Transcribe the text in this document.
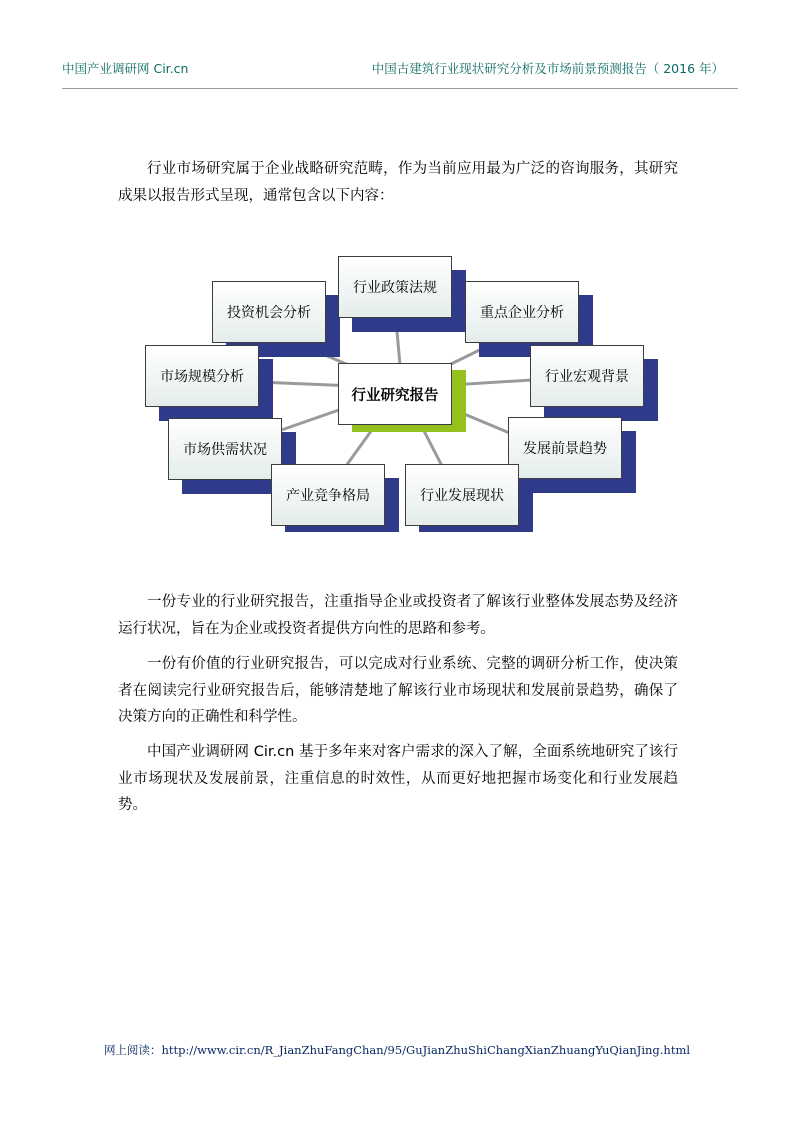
中国产业调研网 Cir.cn	中国古建筑行业现状研究分析及市场前景预测报告（ 2016 年）

行业市场研究属于企业战略研究范畴，作为当前应用最为广泛的咨询服务，其研究成果以报告形式呈现，通常包含以下内容：

行业政策法规
投资机会分析	重点企业分析
市场规模分析	行业宏观背景
市场供需状况	发展前景趋势
产业竞争格局	行业发展现状
行业研究报告

一份专业的行业研究报告，注重指导企业或投资者了解该行业整体发展态势及经济运行状况，旨在为企业或投资者提供方向性的思路和参考。

一份有价值的行业研究报告，可以完成对行业系统、完整的调研分析工作，使决策者在阅读完行业研究报告后，能够清楚地了解该行业市场现状和发展前景趋势，确保了决策方向的正确性和科学性。

中国产业调研网 Cir.cn 基于多年来对客户需求的深入了解，全面系统地研究了该行业市场现状及发展前景，注重信息的时效性，从而更好地把握市场变化和行业发展趋势。

网上阅读：http://www.cir.cn/R_JianZhuFangChan/95/GuJianZhuShiChangXianZhuangYuQianJing.html
